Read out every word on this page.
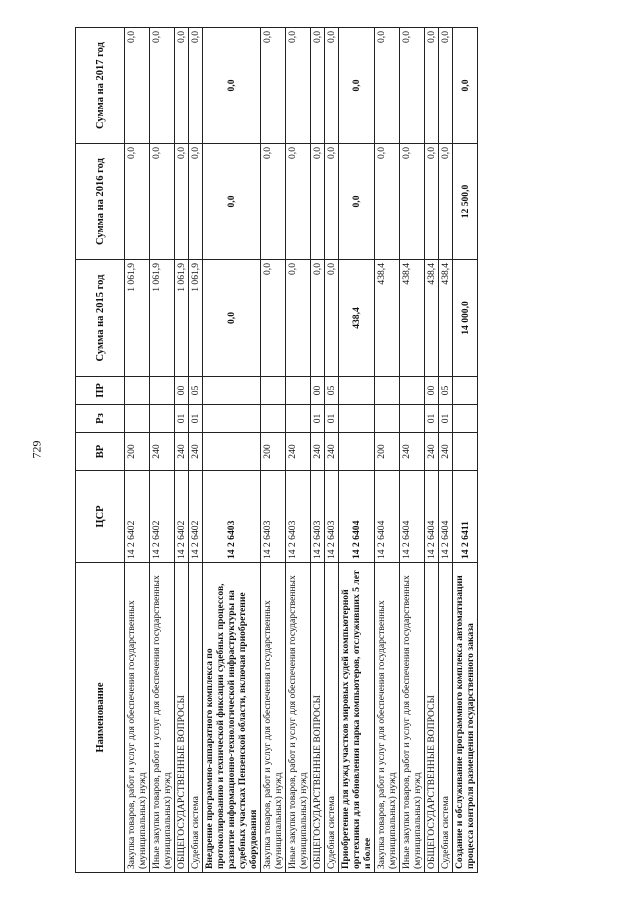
729
Наименование	ЦСР	ВР	Рз	ПР	Сумма на 2015 год	Сумма на 2016 год	Сумма на 2017 год
Закупка товаров, работ и услуг для обеспечения государственных (муниципальных) нужд	14 2 6402	200			1 061,9	0,0	0,0
Иные закупки товаров, работ и услуг для обеспечения государственных (муниципальных) нужд	14 2 6402	240			1 061,9	0,0	0,0
ОБЩЕГОСУДАРСТВЕННЫЕ ВОПРОСЫ	14 2 6402	240	01	00	1 061,9	0,0	0,0
Судебная система	14 2 6402	240	01	05	1 061,9	0,0	0,0
Внедрение программно-аппаратного комплекса по протоколированию и технической фиксации судебных процессов, развитие информационно-технологической инфраструктуры на судебных участках Пензенской области, включая приобретение оборудования	14 2 6403				0,0	0,0	0,0
Закупка товаров, работ и услуг для обеспечения государственных (муниципальных) нужд	14 2 6403	200			0,0	0,0	0,0
Иные закупки товаров, работ и услуг для обеспечения государственных (муниципальных) нужд	14 2 6403	240			0,0	0,0	0,0
ОБЩЕГОСУДАРСТВЕННЫЕ ВОПРОСЫ	14 2 6403	240	01	00	0,0	0,0	0,0
Судебная система	14 2 6403	240	01	05	0,0	0,0	0,0
Приобретение для нужд участков мировых судей компьютерной оргтехники для обновления парка компьютеров, отслуживших 5 лет и более	14 2 6404				438,4	0,0	0,0
Закупка товаров, работ и услуг для обеспечения государственных (муниципальных) нужд	14 2 6404	200			438,4	0,0	0,0
Иные закупки товаров, работ и услуг для обеспечения государственных (муниципальных) нужд	14 2 6404	240			438,4	0,0	0,0
ОБЩЕГОСУДАРСТВЕННЫЕ ВОПРОСЫ	14 2 6404	240	01	00	438,4	0,0	0,0
Судебная система	14 2 6404	240	01	05	438,4	0,0	0,0
Создание и обслуживание программного комплекса автоматизации процесса контроля размещения государственного заказа	14 2 6411				14 000,0	12 500,0	0,0
